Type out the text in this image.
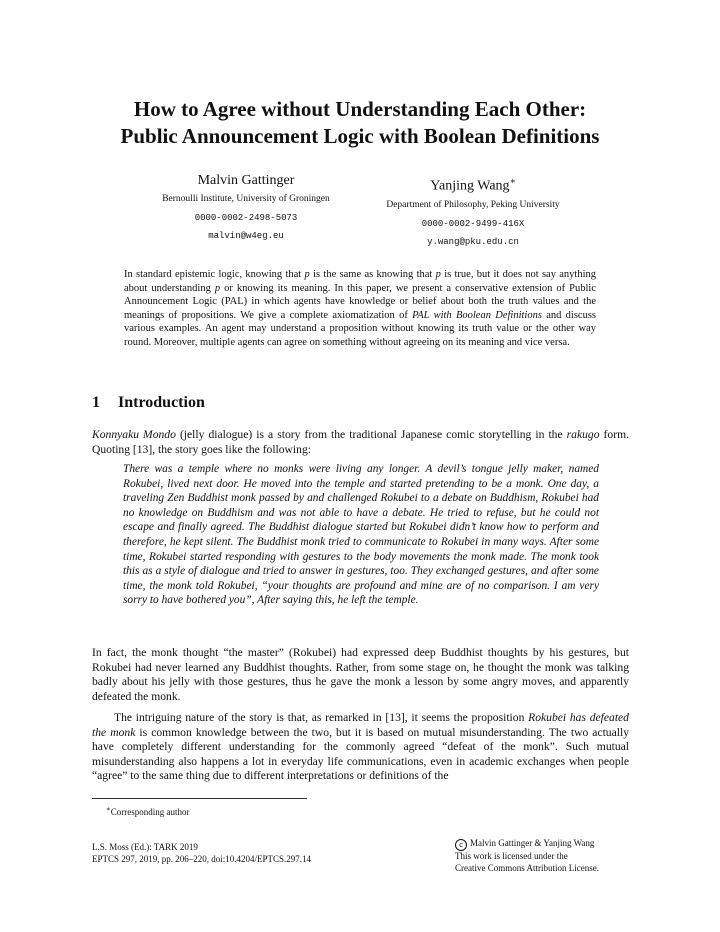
How to Agree without Understanding Each Other:
Public Announcement Logic with Boolean Definitions
Malvin Gattinger
Bernoulli Institute, University of Groningen
0000-0002-2498-5073
malvin@w4eg.eu
Yanjing Wang∗
Department of Philosophy, Peking University
0000-0002-9499-416X
y.wang@pku.edu.cn
In standard epistemic logic, knowing that p is the same as knowing that p is true, but it does not say anything about understanding p or knowing its meaning. In this paper, we present a conservative extension of Public Announcement Logic (PAL) in which agents have knowledge or belief about both the truth values and the meanings of propositions. We give a complete axiomatization of PAL with Boolean Definitions and discuss various examples. An agent may understand a proposition without knowing its truth value or the other way round. Moreover, multiple agents can agree on something without agreeing on its meaning and vice versa.
1 Introduction
Konnyaku Mondo (jelly dialogue) is a story from the traditional Japanese comic storytelling in the rakugo form. Quoting [13], the story goes like the following:
There was a temple where no monks were living any longer. A devil’s tongue jelly maker, named Rokubei, lived next door. He moved into the temple and started pretending to be a monk. One day, a traveling Zen Buddhist monk passed by and challenged Rokubei to a debate on Buddhism, Rokubei had no knowledge on Buddhism and was not able to have a debate. He tried to refuse, but he could not escape and finally agreed. The Buddhist dialogue started but Rokubei didn’t know how to perform and therefore, he kept silent. The Buddhist monk tried to communicate to Rokubei in many ways. After some time, Rokubei started responding with gestures to the body movements the monk made. The monk took this as a style of dialogue and tried to answer in gestures, too. They exchanged gestures, and after some time, the monk told Rokubei, “your thoughts are profound and mine are of no comparison. I am very sorry to have bothered you”, After saying this, he left the temple.
In fact, the monk thought “the master” (Rokubei) had expressed deep Buddhist thoughts by his gestures, but Rokubei had never learned any Buddhist thoughts. Rather, from some stage on, he thought the monk was talking badly about his jelly with those gestures, thus he gave the monk a lesson by some angry moves, and apparently defeated the monk.
The intriguing nature of the story is that, as remarked in [13], it seems the proposition Rokubei has defeated the monk is common knowledge between the two, but it is based on mutual misunderstanding. The two actually have completely different understanding for the commonly agreed “defeat of the monk”. Such mutual misunderstanding also happens a lot in everyday life communications, even in academic exchanges when people “agree” to the same thing due to different interpretations or definitions of the
∗Corresponding author
L.S. Moss (Ed.): TARK 2019
EPTCS 297, 2019, pp. 206–220, doi:10.4204/EPTCS.297.14
c Malvin Gattinger & Yanjing Wang
This work is licensed under the
Creative Commons Attribution License.
